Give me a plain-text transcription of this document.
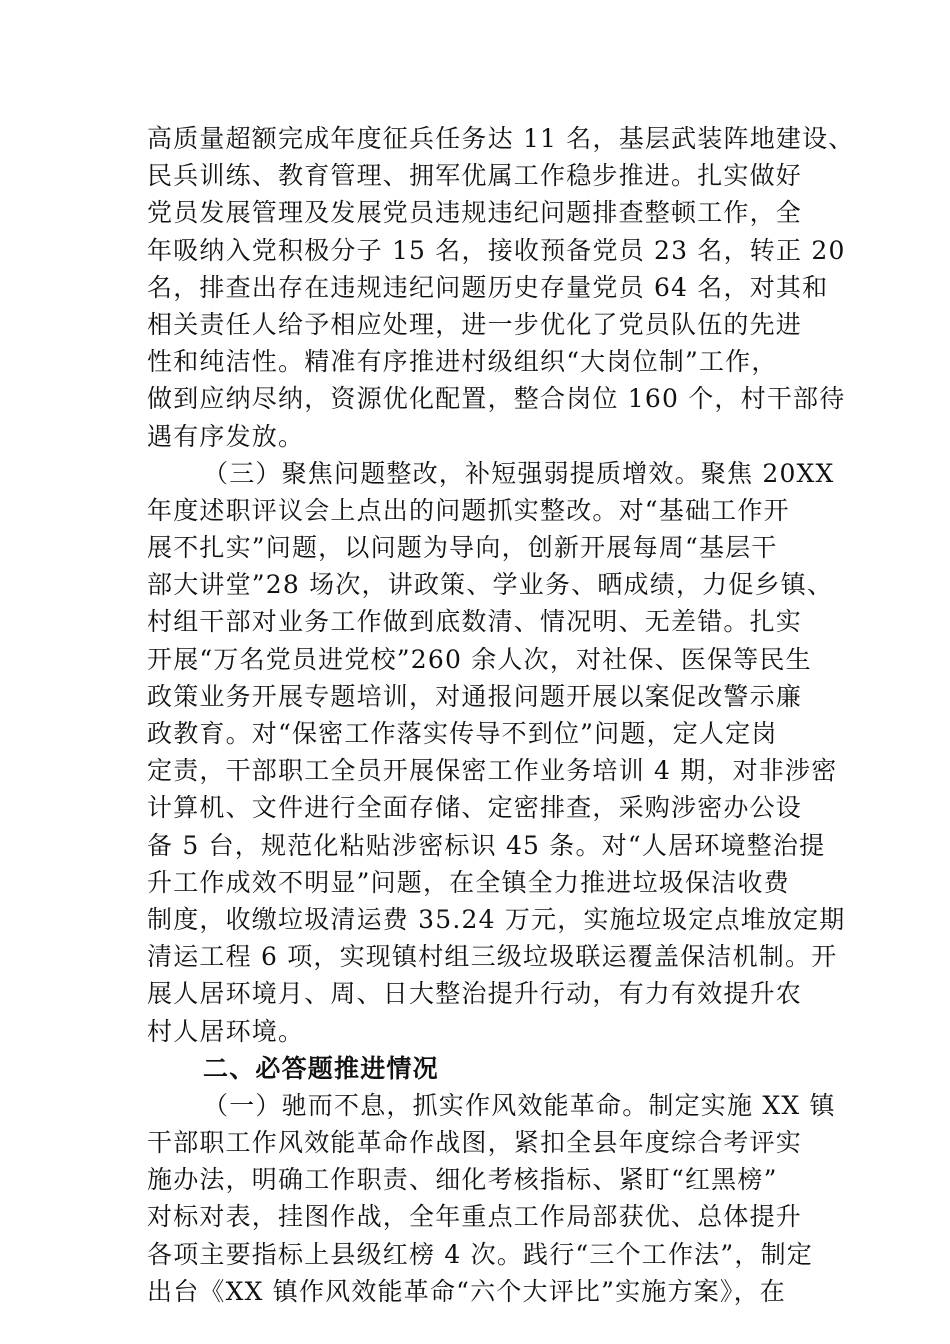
高质量超额完成年度征兵任务达 11 名，基层武装阵地建设、
民兵训练、教育管理、拥军优属工作稳步推进。扎实做好
党员发展管理及发展党员违规违纪问题排查整顿工作，全
年吸纳入党积极分子 15 名，接收预备党员 23 名，转正 20
名，排查出存在违规违纪问题历史存量党员 64 名，对其和
相关责任人给予相应处理，进一步优化了党员队伍的先进
性和纯洁性。精准有序推进村级组织“大岗位制”工作，
做到应纳尽纳，资源优化配置，整合岗位 160 个，村干部待
遇有序发放。
（三）聚焦问题整改，补短强弱提质增效。聚焦 20XX
年度述职评议会上点出的问题抓实整改。对“基础工作开
展不扎实”问题，以问题为导向，创新开展每周“基层干
部大讲堂”28 场次，讲政策、学业务、晒成绩，力促乡镇、
村组干部对业务工作做到底数清、情况明、无差错。扎实
开展“万名党员进党校”260 余人次，对社保、医保等民生
政策业务开展专题培训，对通报问题开展以案促改警示廉
政教育。对“保密工作落实传导不到位”问题，定人定岗
定责，干部职工全员开展保密工作业务培训 4 期，对非涉密
计算机、文件进行全面存储、定密排查，采购涉密办公设
备 5 台，规范化粘贴涉密标识 45 条。对“人居环境整治提
升工作成效不明显”问题，在全镇全力推进垃圾保洁收费
制度，收缴垃圾清运费 35.24 万元，实施垃圾定点堆放定期
清运工程 6 项，实现镇村组三级垃圾联运覆盖保洁机制。开
展人居环境月、周、日大整治提升行动，有力有效提升农
村人居环境。
二、必答题推进情况
（一）驰而不息，抓实作风效能革命。制定实施 XX 镇
干部职工作风效能革命作战图，紧扣全县年度综合考评实
施办法，明确工作职责、细化考核指标、紧盯“红黑榜”
对标对表，挂图作战，全年重点工作局部获优、总体提升
各项主要指标上县级红榜 4 次。践行“三个工作法”，制定
出台《XX 镇作风效能革命“六个大评比”实施方案》，在
